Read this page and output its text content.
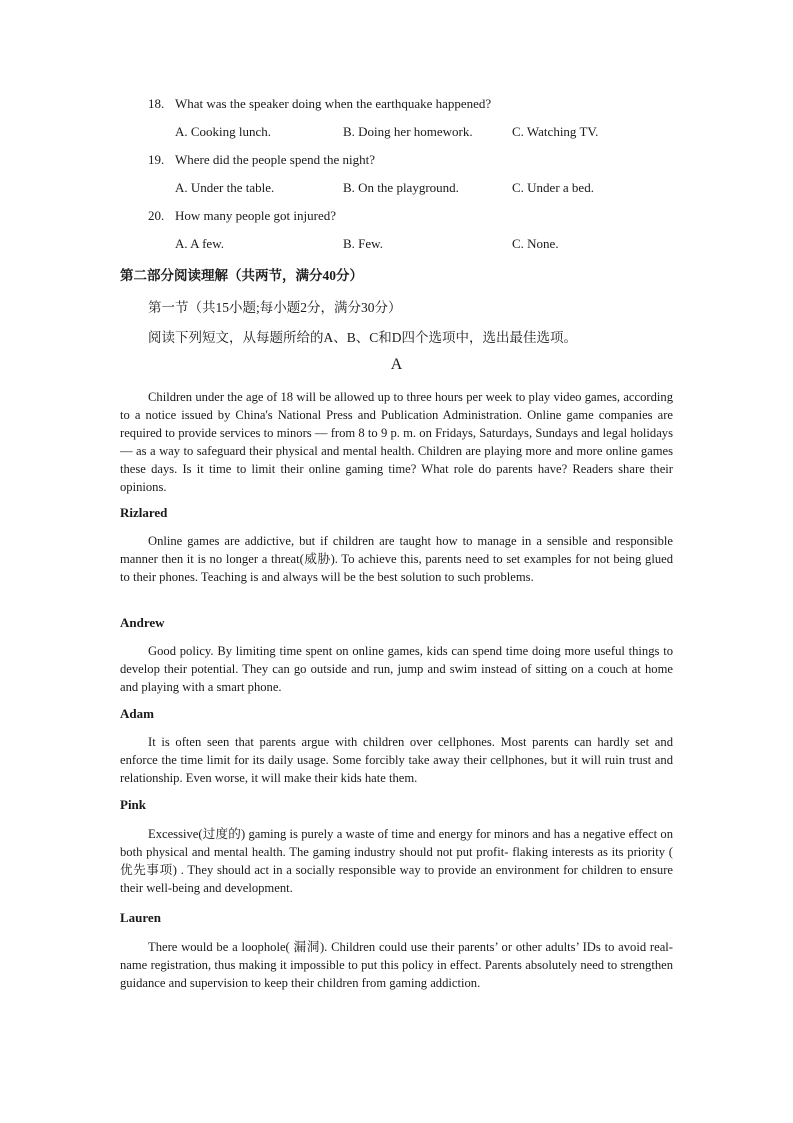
18. What was the speaker doing when the earthquake happened?
A. Cooking lunch.	B. Doing her homework.	C. Watching TV.
19. Where did the people spend the night?
A. Under the table.	B. On the playground.	C. Under a bed.
20. How many people got injured?
A. A few.	B. Few.	C. None.
第二部分阅读理解（共两节，满分40分）
第一节（共15小题;每小题2分，满分30分）
阅读下列短文，从每题所给的A、B、C和D四个选项中，选出最佳选项。
A
Children under the age of 18 will be allowed up to three hours per week to play video games, according to a notice issued by China's National Press and Publication Administration. Online game companies are required to provide services to minors — from 8 to 9 p. m. on Fridays, Saturdays, Sundays and legal holidays — as a way to safeguard their physical and mental health. Children are playing more and more online games these days. Is it time to limit their online gaming time? What role do parents have? Readers share their opinions.
Rizlared
Online games are addictive, but if children are taught how to manage in a sensible and responsible manner then it is no longer a threat(威胁). To achieve this, parents need to set examples for not being glued to their phones. Teaching is and always will be the best solution to such problems.
Andrew
Good policy. By limiting time spent on online games, kids can spend time doing more useful things to develop their potential. They can go outside and run, jump and swim instead of sitting on a couch at home and playing with a smart phone.
Adam
It is often seen that parents argue with children over cellphones. Most parents can hardly set and enforce the time limit for its daily usage. Some forcibly take away their cellphones, but it will ruin trust and relationship. Even worse, it will make their kids hate them.
Pink
Excessive(过度的) gaming is purely a waste of time and energy for minors and has a negative effect on both physical and mental health. The gaming industry should not put profit- flaking interests as its priority ( 优先事项) . They should act in a socially responsible way to provide an environment for children to ensure their well-being and development.
Lauren
There would be a loophole( 漏洞). Children could use their parents’ or other adults’ IDs to avoid real-name registration, thus making it impossible to put this policy in effect. Parents absolutely need to strengthen guidance and supervision to keep their children from gaming addiction.
